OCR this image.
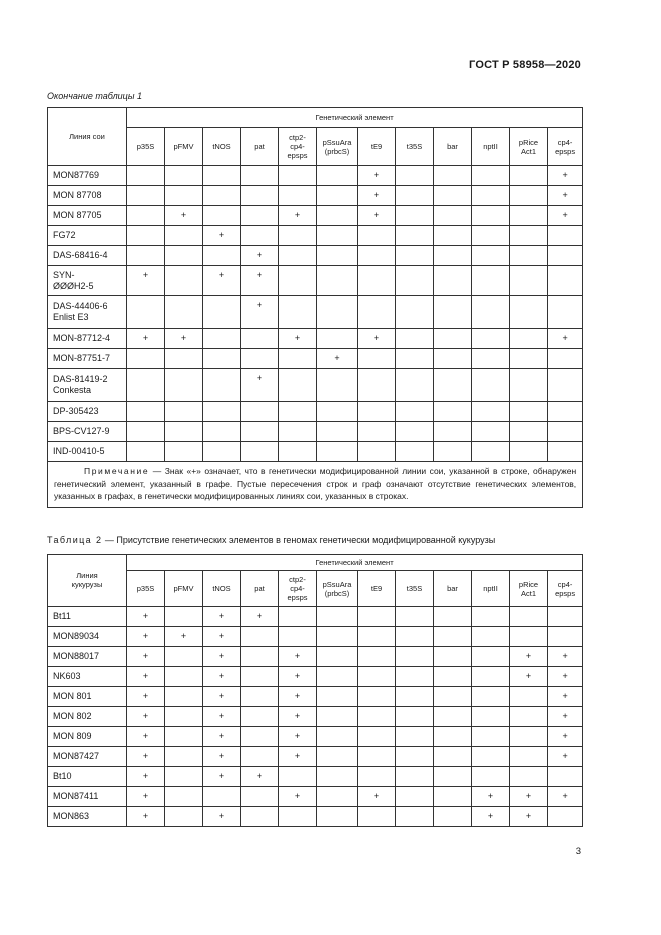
ГОСТ Р 58958—2020
Окончание таблицы 1
Линия сои	Генетический элемент											
	p35S	pFMV	tNOS	pat	ctp2-
cp4-
epsps	pSsuAra
(prbcS)	tE9	t35S	bar	nptII	pRice
Act1	cp4-
epsps
MON87769							+					+
MON 87708							+					+
MON 87705		+			+		+					+
FG72			+									
DAS-68416-4				+								
SYN-
ØØØH2-5	+		+	+								
DAS-44406-6
Enlist E3				+								
MON-87712-4	+	+			+		+					+
MON-87751-7						+						
DAS-81419-2
Conkesta				+								
DP-305423												
BPS-CV127-9												
IND-00410-5												
Примечание — Знак «+» означает, что в генетически модифицированной линии сои, указанной в строке, обнаружен генетический элемент, указанный в графе. Пустые пересечения строк и граф означают отсутствие генетических элементов, указанных в графах, в генетически модифицированных линиях сои, указанных в строках.												
Таблица 2 — Присутствие генетических элементов в геномах генетически модифицированной кукурузы
Линия
кукурузы	Генетический элемент											
	p35S	pFMV	tNOS	pat	ctp2-
cp4-
epsps	pSsuAra
(prbcS)	tE9	t35S	bar	nptII	pRice
Act1	cp4-
epsps
Bt11	+		+	+								
MON89034	+	+	+									
MON88017	+		+		+						+	+
NK603	+		+		+						+	+
MON 801	+		+		+							+
MON 802	+		+		+							+
MON 809	+		+		+							+
MON87427	+		+		+							+
Bt10	+		+	+								
MON87411	+				+		+			+	+	+
MON863	+		+							+	+	
3
